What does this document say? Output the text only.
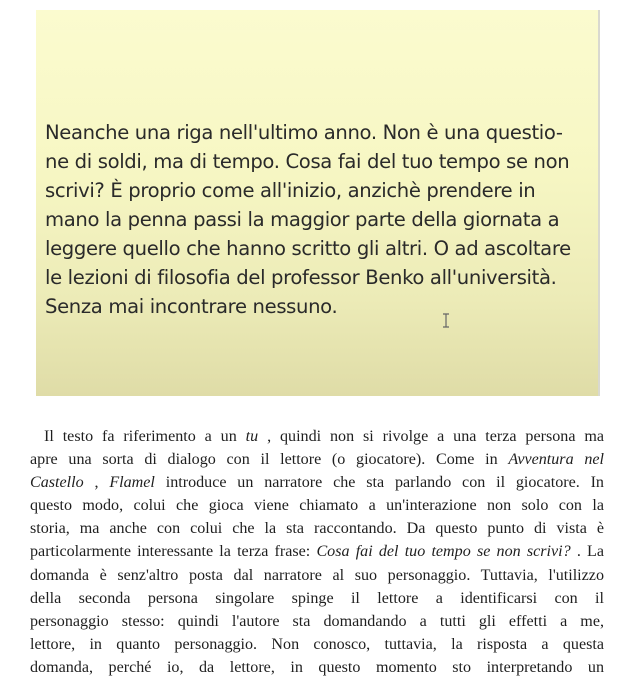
Neanche una riga nell'ultimo anno. Non è una questio-
ne di soldi, ma di tempo. Cosa fai del tuo tempo se non
scrivi? È proprio come all'inizio, anzichè prendere in
mano la penna passi la maggior parte della giornata a
leggere quello che hanno scritto gli altri. O ad ascoltare
le lezioni di filosofia del professor Benko all'università.
Senza mai incontrare nessuno.

Il testo fa riferimento a un tu , quindi non si rivolge a una terza persona ma
apre una sorta di dialogo con il lettore (o giocatore). Come in Avventura nel
Castello , Flamel introduce un narratore che sta parlando con il giocatore. In
questo modo, colui che gioca viene chiamato a un'interazione non solo con la
storia, ma anche con colui che la sta raccontando. Da questo punto di vista è
particolarmente interessante la terza frase: Cosa fai del tuo tempo se non scrivi? . La
domanda è senz'altro posta dal narratore al suo personaggio. Tuttavia, l'utilizzo
della seconda persona singolare spinge il lettore a identificarsi con il
personaggio stesso: quindi l'autore sta domandando a tutti gli effetti a me,
lettore, in quanto personaggio. Non conosco, tuttavia, la risposta a questa
domanda, perché io, da lettore, in questo momento sto interpretando un
